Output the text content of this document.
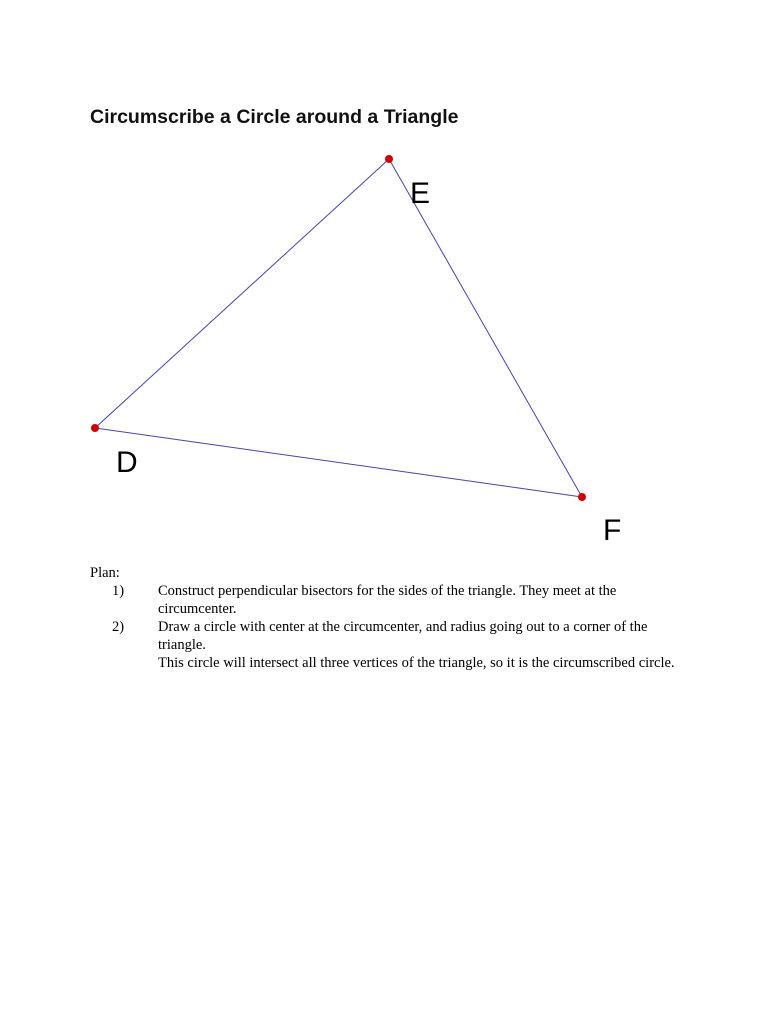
Circumscribe a Circle around a Triangle
D
E
F
Plan:
1) Construct perpendicular bisectors for the sides of the triangle. They meet at the circumcenter.
2) Draw a circle with center at the circumcenter, and radius going out to a corner of the triangle.
This circle will intersect all three vertices of the triangle, so it is the circumscribed circle.
